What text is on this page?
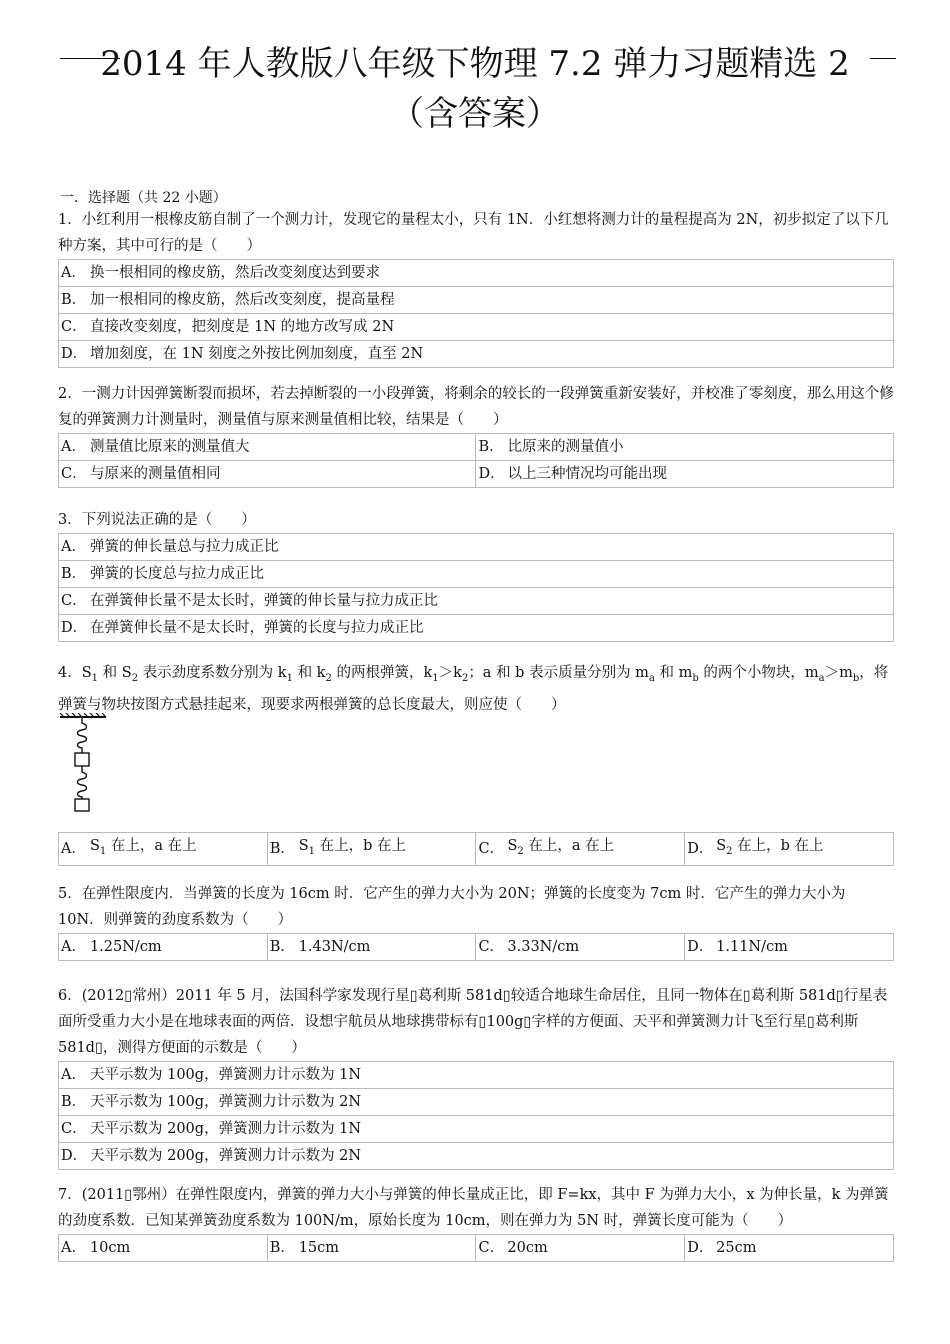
2014 年人教版八年级下物理 7.2 弹力习题精选 2
（含答案）
一．选择题（共 22 小题）

1．小红利用一根橡皮筋自制了一个测力计，发现它的量程太小，只有 1N．小红想将测力计的量程提高为 2N，初步拟定了以下几种方案，其中可行的是（　　）

A．	换一根相同的橡皮筋，然后改变刻度达到要求
B．	加一根相同的橡皮筋，然后改变刻度，提高量程
C．	直接改变刻度，把刻度是 1N 的地方改写成 2N
D．	增加刻度，在 1N 刻度之外按比例加刻度，直至 2N

2．一测力计因弹簧断裂而损坏，若去掉断裂的一小段弹簧，将剩余的较长的一段弹簧重新安装好，并校准了零刻度，那么用这个修复的弹簧测力计测量时，测量值与原来测量值相比较，结果是（　　）

A．	测量值比原来的测量值大	B．	比原来的测量值小
C．	与原来的测量值相同	D．	以上三种情况均可能出现

3．下列说法正确的是（　　）

A．	弹簧的伸长量总与拉力成正比
B．	弹簧的长度总与拉力成正比
C．	在弹簧伸长量不是太长时，弹簧的伸长量与拉力成正比
D．	在弹簧伸长量不是太长时，弹簧的长度与拉力成正比

4．$S_1$ 和 $S_2$ 表示劲度系数分别为 $k_1$ 和 $k_2$ 的两根弹簧，$k_1>k_2$；a 和 b 表示质量分别为 $m_a$ 和 $m_b$ 的两个小物块，$m_a>m_b$，将弹簧与物块按图方式悬挂起来，现要求两根弹簧的总长度最大，则应使（　　）

A．	$S_1$ 在上，a 在上	B．	$S_1$ 在上，b 在上	C．	$S_2$ 在上，a 在上	D．	$S_2$ 在上，b 在上

5．在弹性限度内．当弹簧的长度为 16cm 时．它产生的弹力大小为 20N；弹簧的长度变为 7cm 时．它产生的弹力大小为 10N．则弹簧的劲度系数为（　　）

A．	1.25N/cm	B．	1.43N/cm	C．	3.33N/cm	D．	1.11N/cm

6．(2012▯常州）2011 年 5 月，法国科学家发现行星▯葛利斯 581d▯较适合地球生命居住，且同一物体在▯葛利斯 581d▯行星表面所受重力大小是在地球表面的两倍．设想宇航员从地球携带标有▯100g▯字样的方便面、天平和弹簧测力计飞至行星▯葛利斯 581d▯，测得方便面的示数是（　　）

A．	天平示数为 100g，弹簧测力计示数为 1N
B．	天平示数为 100g，弹簧测力计示数为 2N
C．	天平示数为 200g，弹簧测力计示数为 1N
D．	天平示数为 200g，弹簧测力计示数为 2N

7．(2011▯鄂州）在弹性限度内，弹簧的弹力大小与弹簧的伸长量成正比，即 F=kx，其中 F 为弹力大小，x 为伸长量，k 为弹簧的劲度系数．已知某弹簧劲度系数为 100N/m，原始长度为 10cm，则在弹力为 5N 时，弹簧长度可能为（　　）

A．	10cm	B．	15cm	C．	20cm	D．	25cm
